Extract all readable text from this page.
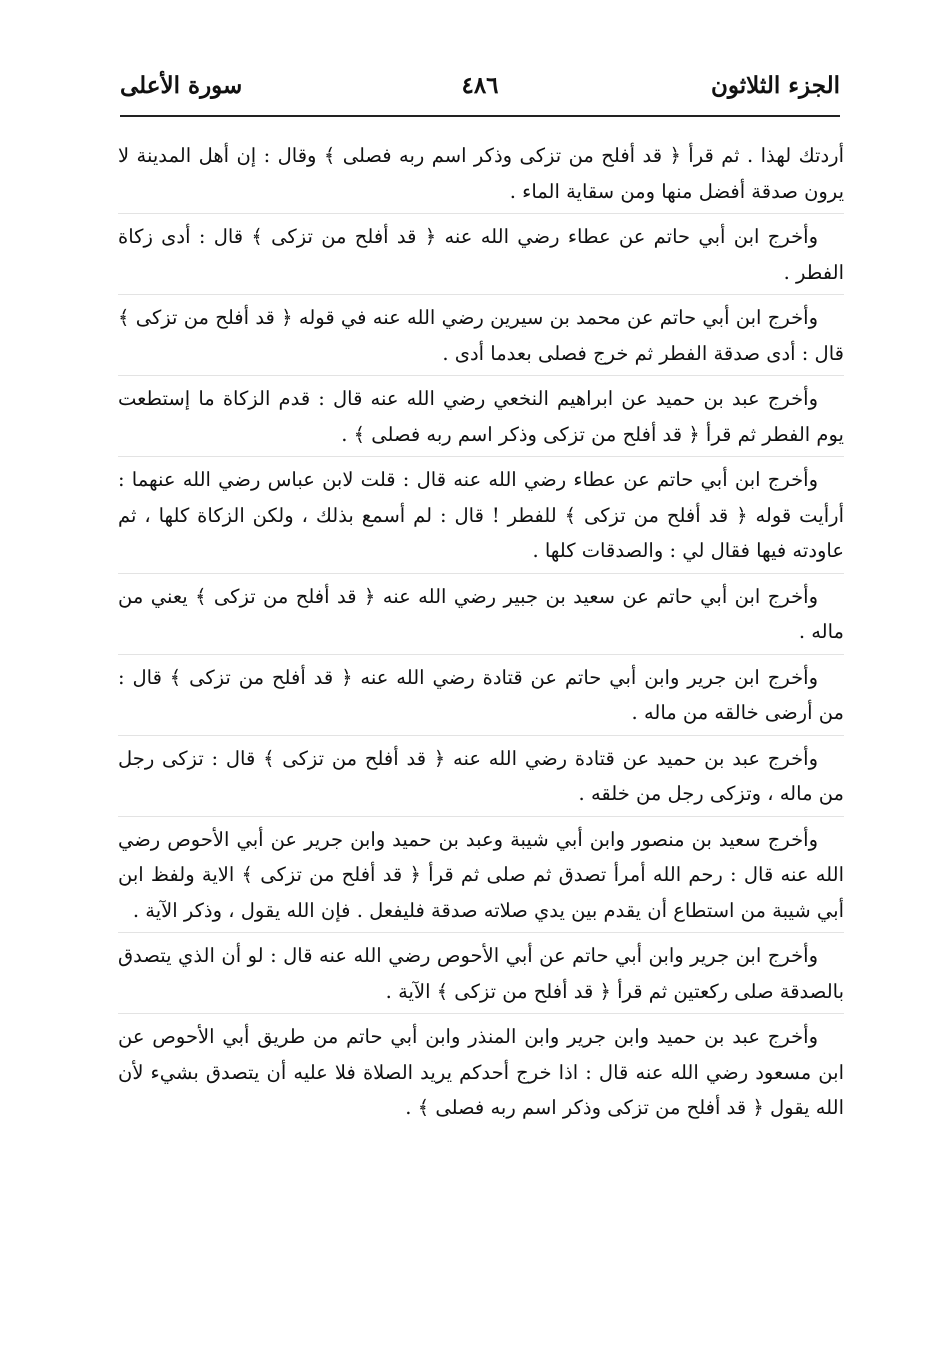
الجزء الثلاثون
٤٨٦
سورة الأعلى

أردتك لهذا . ثم قرأ ﴿ قد أفلح من تزكى وذكر اسم ربه فصلى ﴾ وقال : إن أهل المدينة لا يرون صدقة أفضل منها ومن سقاية الماء .

وأخرج ابن أبي حاتم عن عطاء رضي الله عنه ﴿ قد أفلح من تزكى ﴾ قال : أدى زكاة الفطر .

وأخرج ابن أبي حاتم عن محمد بن سيرين رضي الله عنه في قوله ﴿ قد أفلح من تزكى ﴾ قال : أدى صدقة الفطر ثم خرج فصلى بعدما أدى .

وأخرج عبد بن حميد عن ابراهيم النخعي رضي الله عنه قال : قدم الزكاة ما إستطعت يوم الفطر ثم قرأ ﴿ قد أفلح من تزكى وذكر اسم ربه فصلى ﴾ .

وأخرج ابن أبي حاتم عن عطاء رضي الله عنه قال : قلت لابن عباس رضي الله عنهما : أرأيت قوله ﴿ قد أفلح من تزكى ﴾ للفطر ! قال : لم أسمع بذلك ، ولكن الزكاة كلها ، ثم عاودته فيها فقال لي : والصدقات كلها .

وأخرج ابن أبي حاتم عن سعيد بن جبير رضي الله عنه ﴿ قد أفلح من تزكى ﴾ يعني من ماله .

وأخرج ابن جرير وابن أبي حاتم عن قتادة رضي الله عنه ﴿ قد أفلح من تزكى ﴾ قال : من أرضى خالقه من ماله .

وأخرج عبد بن حميد عن قتادة رضي الله عنه ﴿ قد أفلح من تزكى ﴾ قال : تزكى رجل من ماله ، وتزكى رجل من خلقه .

وأخرج سعيد بن منصور وابن أبي شيبة وعبد بن حميد وابن جرير عن أبي الأحوص رضي الله عنه قال : رحم الله أمرأ تصدق ثم صلى ثم قرأ ﴿ قد أفلح من تزكى ﴾ الاية ولفظ ابن أبي شيبة من استطاع أن يقدم بين يدي صلاته صدقة فليفعل . فإن الله يقول ، وذكر الآية .

وأخرج ابن جرير وابن أبي حاتم عن أبي الأحوص رضي الله عنه قال : لو أن الذي يتصدق بالصدقة صلى ركعتين ثم قرأ ﴿ قد أفلح من تزكى ﴾ الآية .

وأخرج عبد بن حميد وابن جرير وابن المنذر وابن أبي حاتم من طريق أبي الأحوص عن ابن مسعود رضي الله عنه قال : اذا خرج أحدكم يريد الصلاة فلا عليه أن يتصدق بشيء لأن الله يقول ﴿ قد أفلح من تزكى وذكر اسم ربه فصلى ﴾ .
